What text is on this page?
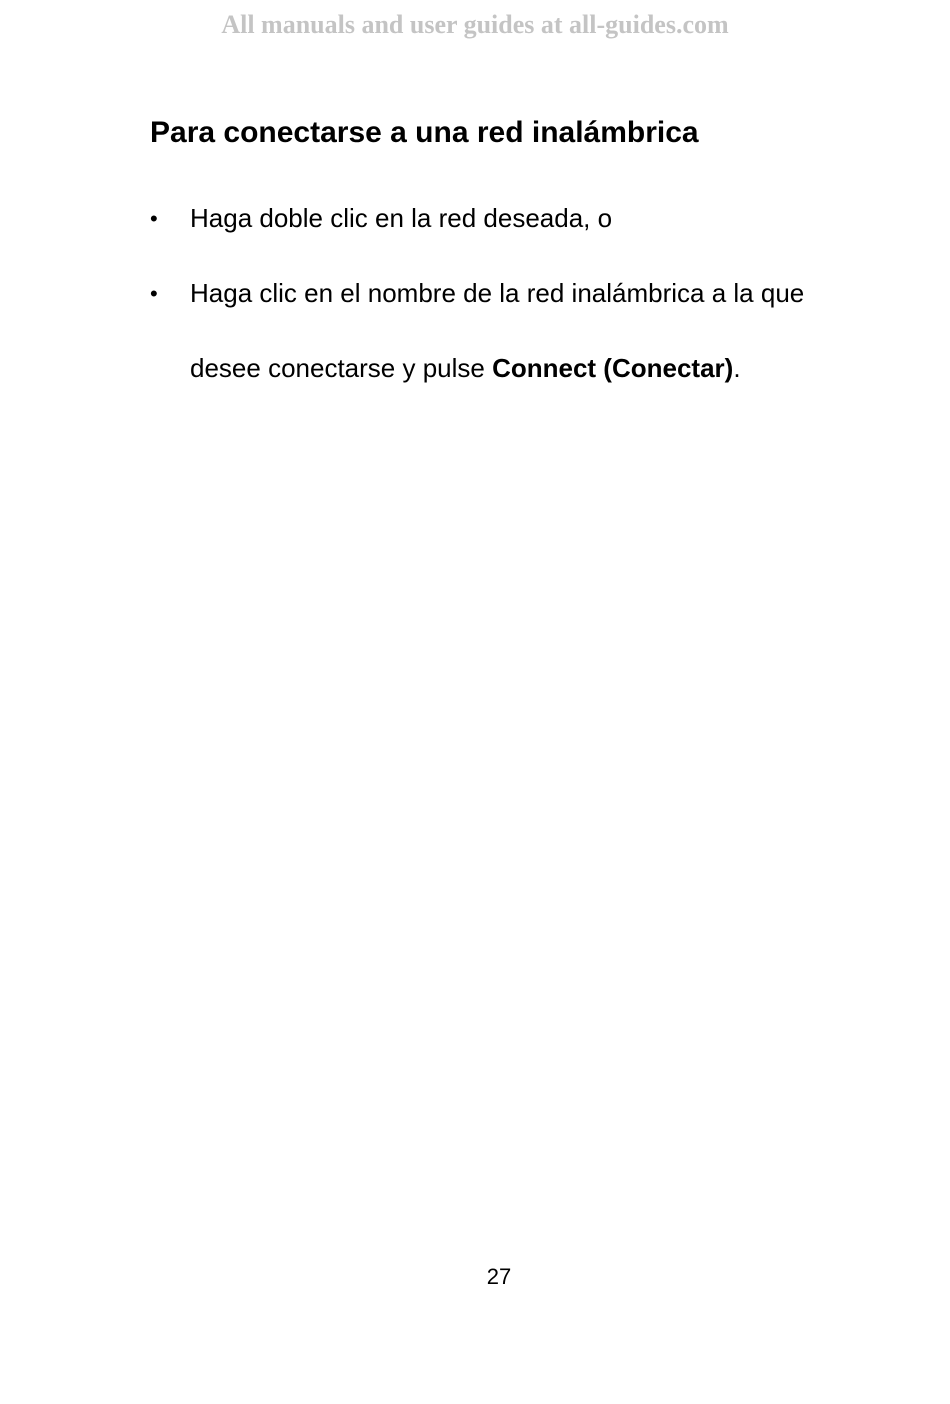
All manuals and user guides at all-guides.com
Para conectarse a una red inalámbrica
• Haga doble clic en la red deseada, o
• Haga clic en el nombre de la red inalámbrica a la que desee conectarse y pulse Connect (Conectar).
27
